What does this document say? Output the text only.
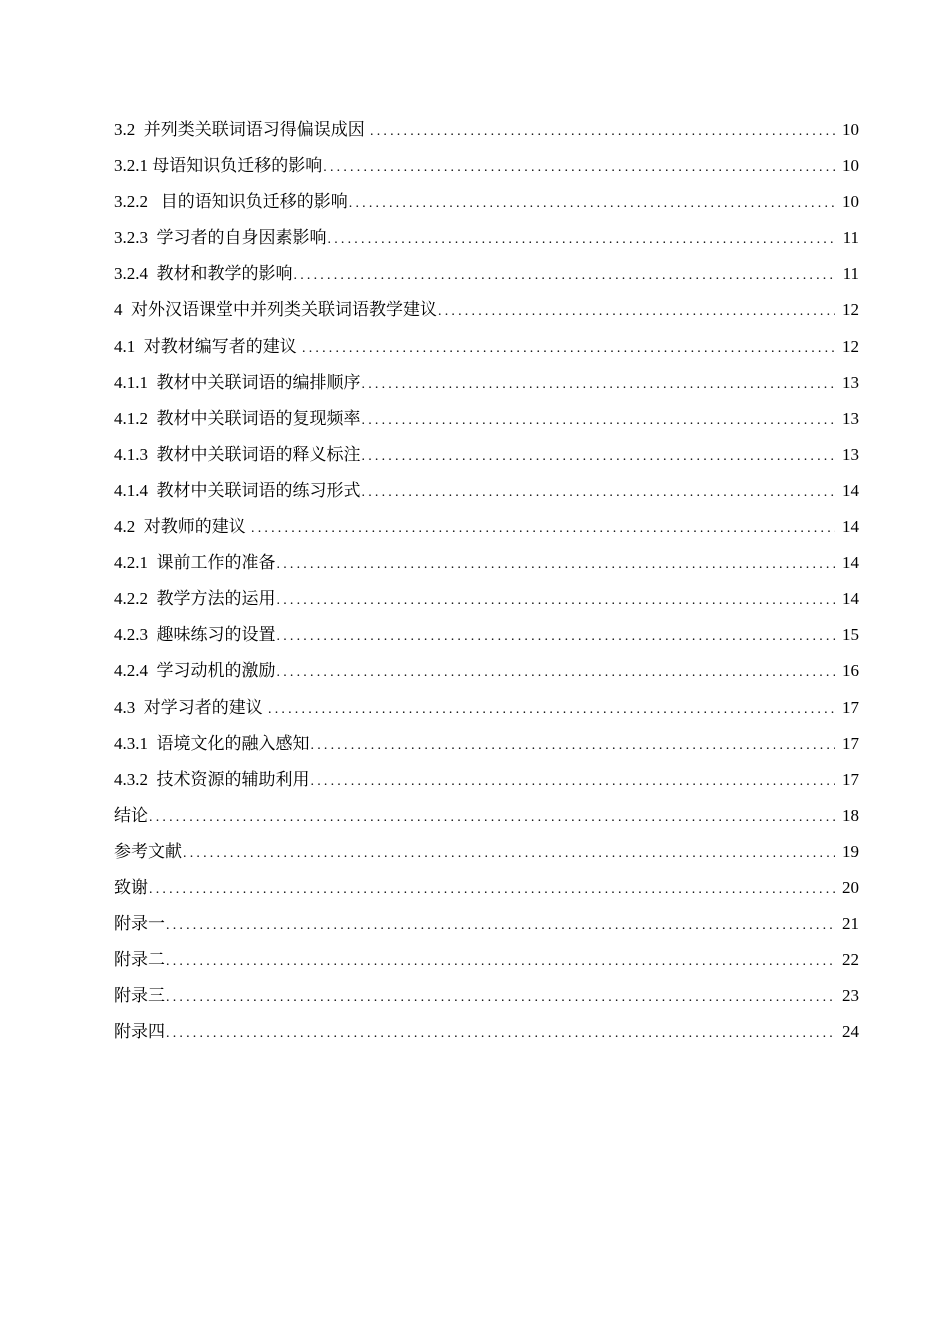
3.2  并列类关联词语习得偏误成因 .....	10
3.2.1 母语知识负迁移的影响 .....	10
3.2.2   目的语知识负迁移的影响 .....	10
3.2.3  学习者的自身因素影响 .....	11
3.2.4  教材和教学的影响 .....	11
4  对外汉语课堂中并列类关联词语教学建议 .....	12
4.1  对教材编写者的建议 .....	12
4.1.1  教材中关联词语的编排顺序 .....	13
4.1.2  教材中关联词语的复现频率 .....	13
4.1.3  教材中关联词语的释义标注 .....	13
4.1.4  教材中关联词语的练习形式 .....	14
4.2  对教师的建议 .....	14
4.2.1  课前工作的准备 .....	14
4.2.2  教学方法的运用 .....	14
4.2.3  趣味练习的设置 .....	15
4.2.4  学习动机的激励 .....	16
4.3  对学习者的建议 .....	17
4.3.1  语境文化的融入感知 .....	17
4.3.2  技术资源的辅助利用 .....	17
结论 .....	18
参考文献 .....	19
致谢 .....	20
附录一 .....	21
附录二 .....	22
附录三 .....	23
附录四 .....	24
